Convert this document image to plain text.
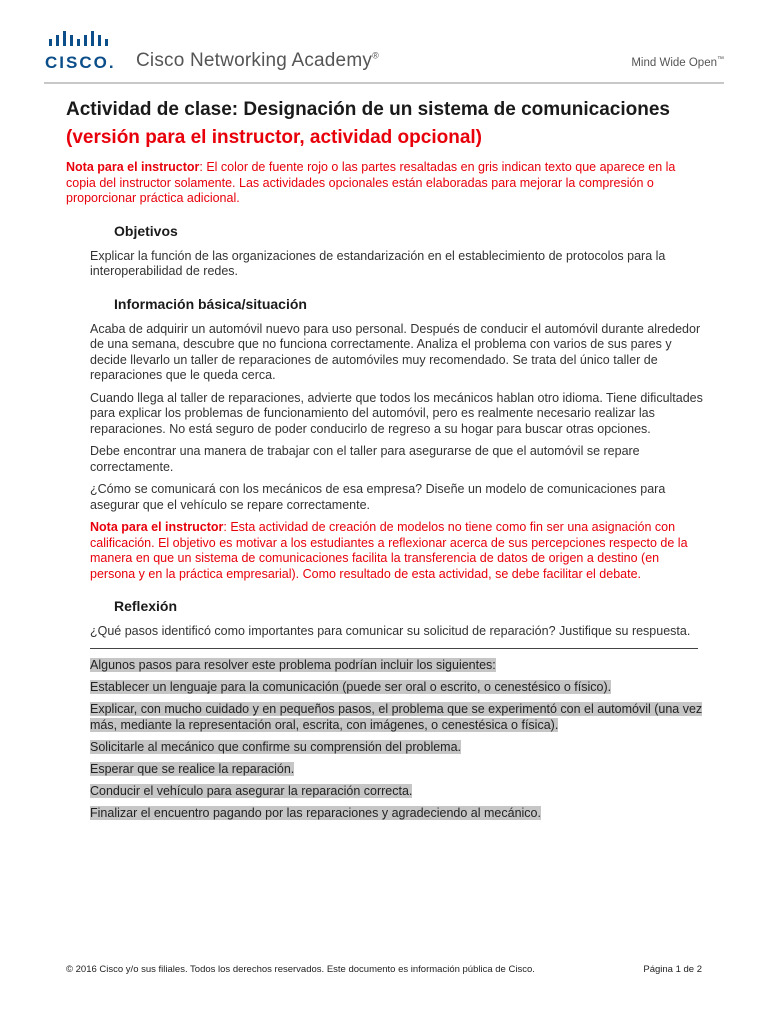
CISCO. Cisco Networking Academy®
Mind Wide Open™
Actividad de clase: Designación de un sistema de comunicaciones (versión para el instructor, actividad opcional)

Nota para el instructor: El color de fuente rojo o las partes resaltadas en gris indican texto que aparece en la copia del instructor solamente. Las actividades opcionales están elaboradas para mejorar la compresión o proporcionar práctica adicional.

Objetivos

Explicar la función de las organizaciones de estandarización en el establecimiento de protocolos para la interoperabilidad de redes.

Información básica/situación

Acaba de adquirir un automóvil nuevo para uso personal. Después de conducir el automóvil durante alrededor de una semana, descubre que no funciona correctamente. Analiza el problema con varios de sus pares y decide llevarlo un taller de reparaciones de automóviles muy recomendado. Se trata del único taller de reparaciones que le queda cerca.

Cuando llega al taller de reparaciones, advierte que todos los mecánicos hablan otro idioma. Tiene dificultades para explicar los problemas de funcionamiento del automóvil, pero es realmente necesario realizar las reparaciones. No está seguro de poder conducirlo de regreso a su hogar para buscar otras opciones.

Debe encontrar una manera de trabajar con el taller para asegurarse de que el automóvil se repare correctamente.

¿Cómo se comunicará con los mecánicos de esa empresa? Diseñe un modelo de comunicaciones para asegurar que el vehículo se repare correctamente.

Nota para el instructor: Esta actividad de creación de modelos no tiene como fin ser una asignación con calificación. El objetivo es motivar a los estudiantes a reflexionar acerca de sus percepciones respecto de la manera en que un sistema de comunicaciones facilita la transferencia de datos de origen a destino (en persona y en la práctica empresarial). Como resultado de esta actividad, se debe facilitar el debate.

Reflexión

¿Qué pasos identificó como importantes para comunicar su solicitud de reparación? Justifique su respuesta.

Algunos pasos para resolver este problema podrían incluir los siguientes:

Establecer un lenguaje para la comunicación (puede ser oral o escrito, o cenestésico o físico).

Explicar, con mucho cuidado y en pequeños pasos, el problema que se experimentó con el automóvil (una vez más, mediante la representación oral, escrita, con imágenes, o cenestésica o física).

Solicitarle al mecánico que confirme su comprensión del problema.

Esperar que se realice la reparación.

Conducir el vehículo para asegurar la reparación correcta.

Finalizar el encuentro pagando por las reparaciones y agradeciendo al mecánico.

© 2016 Cisco y/o sus filiales. Todos los derechos reservados. Este documento es información pública de Cisco.	Página 1 de 2
